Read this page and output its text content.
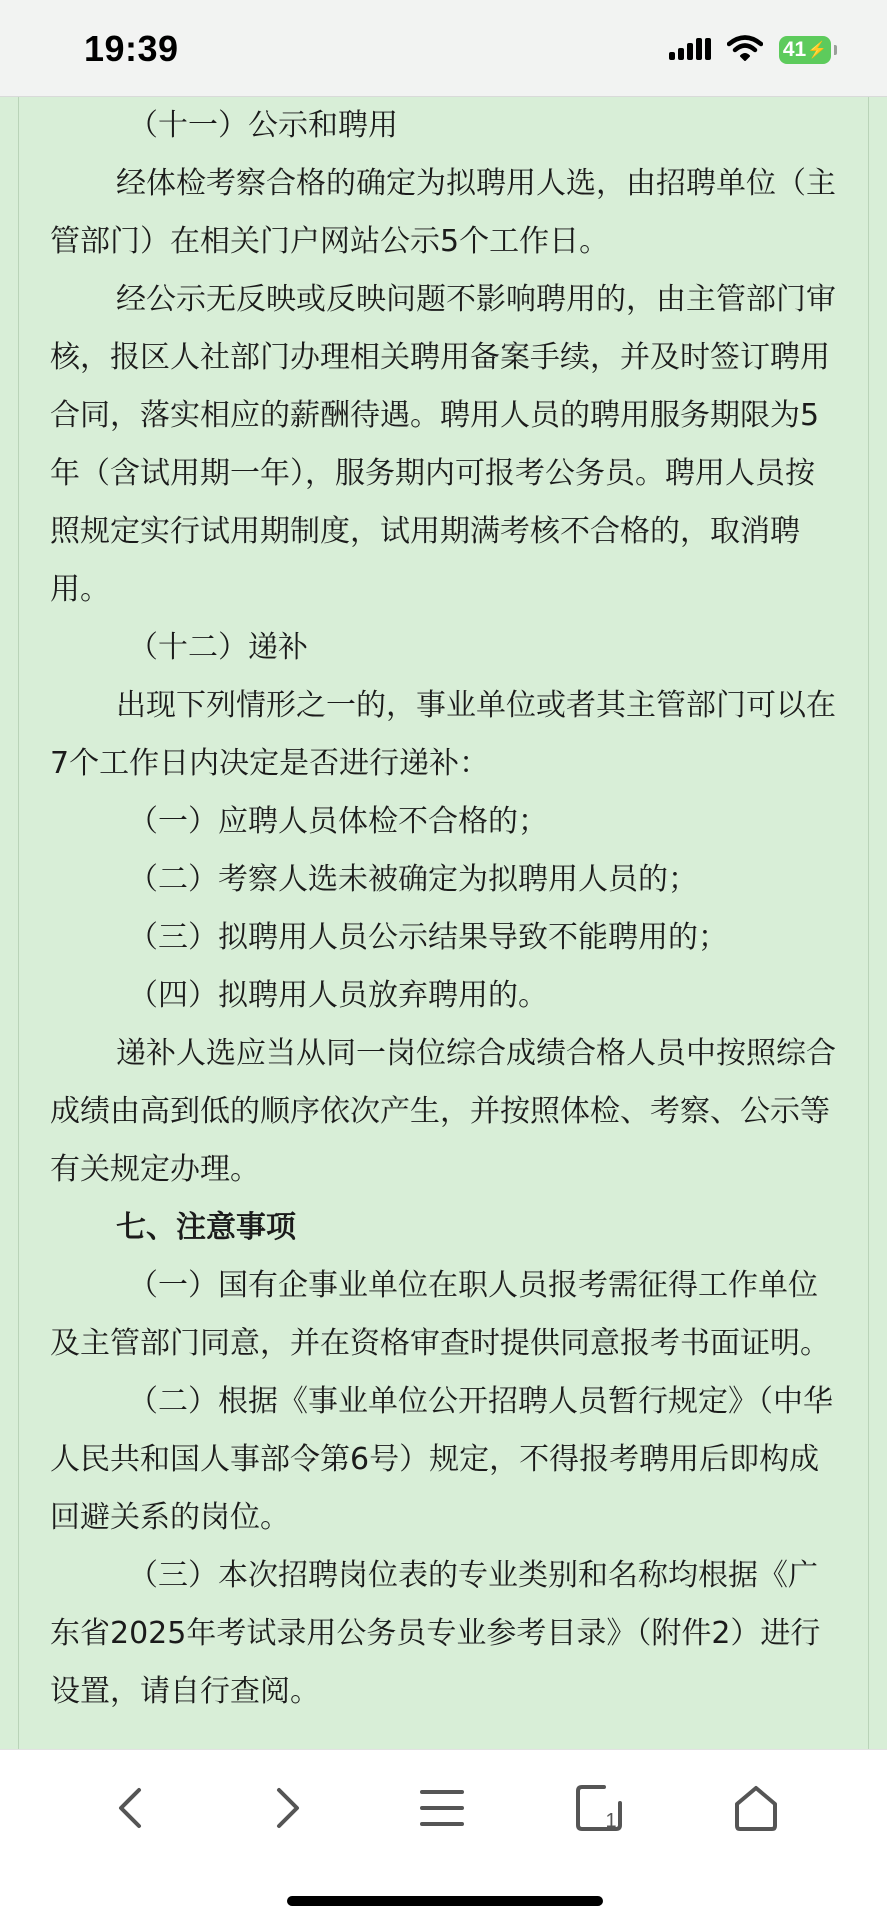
19:39	41 ⚡

（十一）公示和聘用

经体检考察合格的确定为拟聘用人选，由招聘单位（主管部门）在相关门户网站公示5个工作日。

经公示无反映或反映问题不影响聘用的，由主管部门审核，报区人社部门办理相关聘用备案手续，并及时签订聘用合同，落实相应的薪酬待遇。聘用人员的聘用服务期限为5年（含试用期一年），服务期内可报考公务员。聘用人员按照规定实行试用期制度，试用期满考核不合格的，取消聘用。

（十二）递补

出现下列情形之一的，事业单位或者其主管部门可以在7个工作日内决定是否进行递补：

（一）应聘人员体检不合格的；

（二）考察人选未被确定为拟聘用人员的；

（三）拟聘用人员公示结果导致不能聘用的；

（四）拟聘用人员放弃聘用的。

递补人选应当从同一岗位综合成绩合格人员中按照综合成绩由高到低的顺序依次产生，并按照体检、考察、公示等有关规定办理。

七、注意事项

（一）国有企事业单位在职人员报考需征得工作单位及主管部门同意，并在资格审查时提供同意报考书面证明。

（二）根据《事业单位公开招聘人员暂行规定》（中华人民共和国人事部令第6号）规定，不得报考聘用后即构成回避关系的岗位。

（三）本次招聘岗位表的专业类别和名称均根据《广东省2025年考试录用公务员专业参考目录》（附件2）进行设置，请自行查阅。

1
